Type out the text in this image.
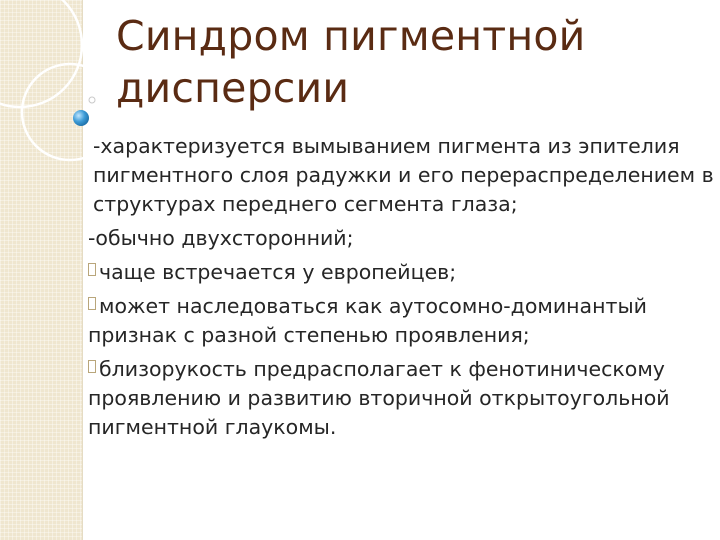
Синдром пигментной
дисперсии

-характеризуется вымыванием пигмента из эпителия пигментного слоя радужки и его перераспределением в структурах переднего сегмента глаза;

-обычно двухсторонний;

чаще встречается у европейцев;

может наследоваться как аутосомно-доминантый признак с разной степенью проявления;

близорукость предрасполагает к фенотиническому проявлению и развитию вторичной открытоугольной пигментной глаукомы.
